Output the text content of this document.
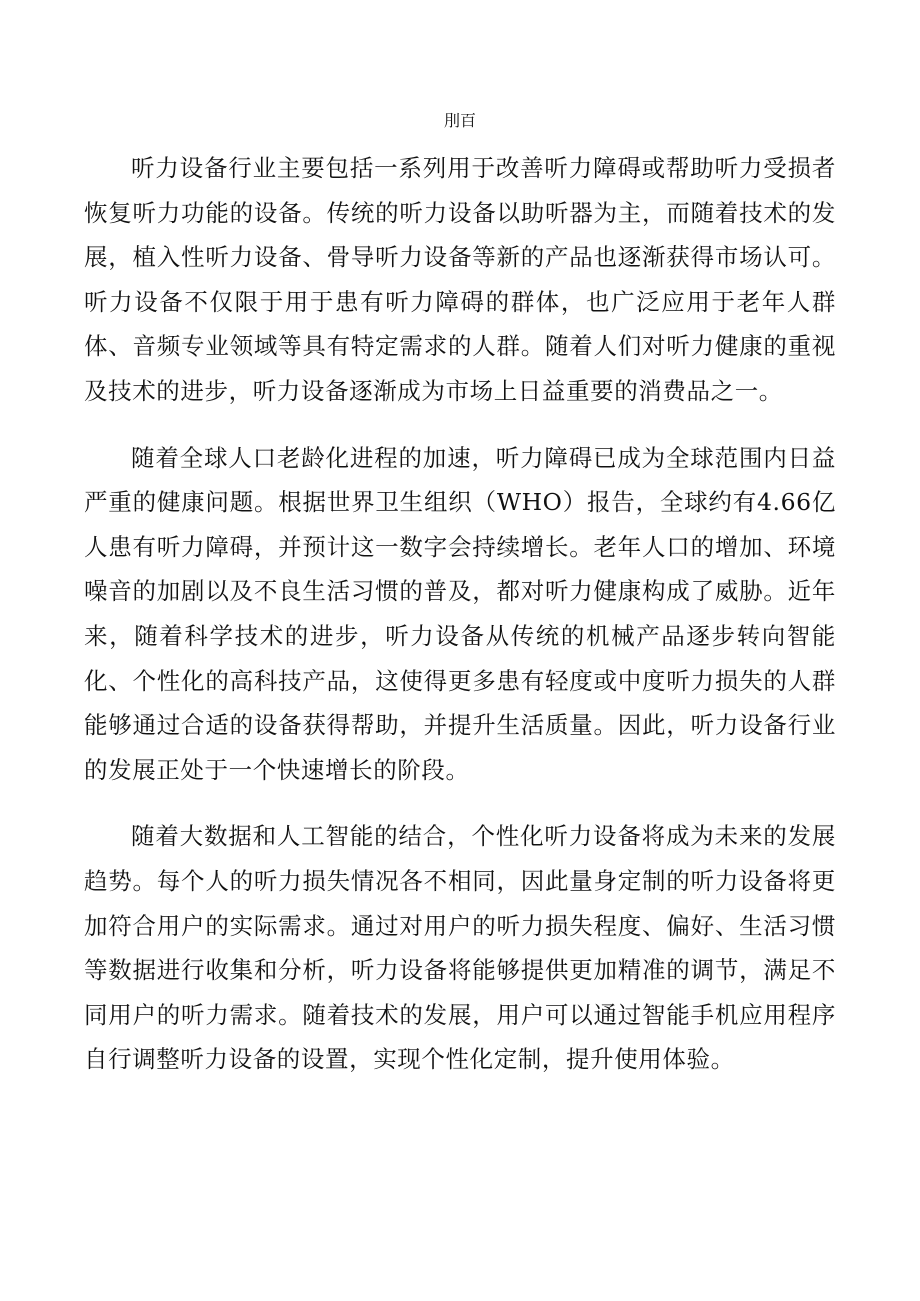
刖百

听力设备行业主要包括一系列用于改善听力障碍或帮助听力受损者恢复听力功能的设备。传统的听力设备以助听器为主，而随着技术的发展，植入性听力设备、骨导听力设备等新的产品也逐渐获得市场认可。听力设备不仅限于用于患有听力障碍的群体，也广泛应用于老年人群体、音频专业领域等具有特定需求的人群。随着人们对听力健康的重视及技术的进步，听力设备逐渐成为市场上日益重要的消费品之一。

随着全球人口老龄化进程的加速，听力障碍已成为全球范围内日益严重的健康问题。根据世界卫生组织（WHO）报告，全球约有4.66亿人患有听力障碍，并预计这一数字会持续增长。老年人口的增加、环境噪音的加剧以及不良生活习惯的普及，都对听力健康构成了威胁。近年来，随着科学技术的进步，听力设备从传统的机械产品逐步转向智能化、个性化的高科技产品，这使得更多患有轻度或中度听力损失的人群能够通过合适的设备获得帮助，并提升生活质量。因此，听力设备行业的发展正处于一个快速增长的阶段。

随着大数据和人工智能的结合，个性化听力设备将成为未来的发展趋势。每个人的听力损失情况各不相同，因此量身定制的听力设备将更加符合用户的实际需求。通过对用户的听力损失程度、偏好、生活习惯等数据进行收集和分析，听力设备将能够提供更加精准的调节，满足不同用户的听力需求。随着技术的发展，用户可以通过智能手机应用程序自行调整听力设备的设置，实现个性化定制，提升使用体验。
